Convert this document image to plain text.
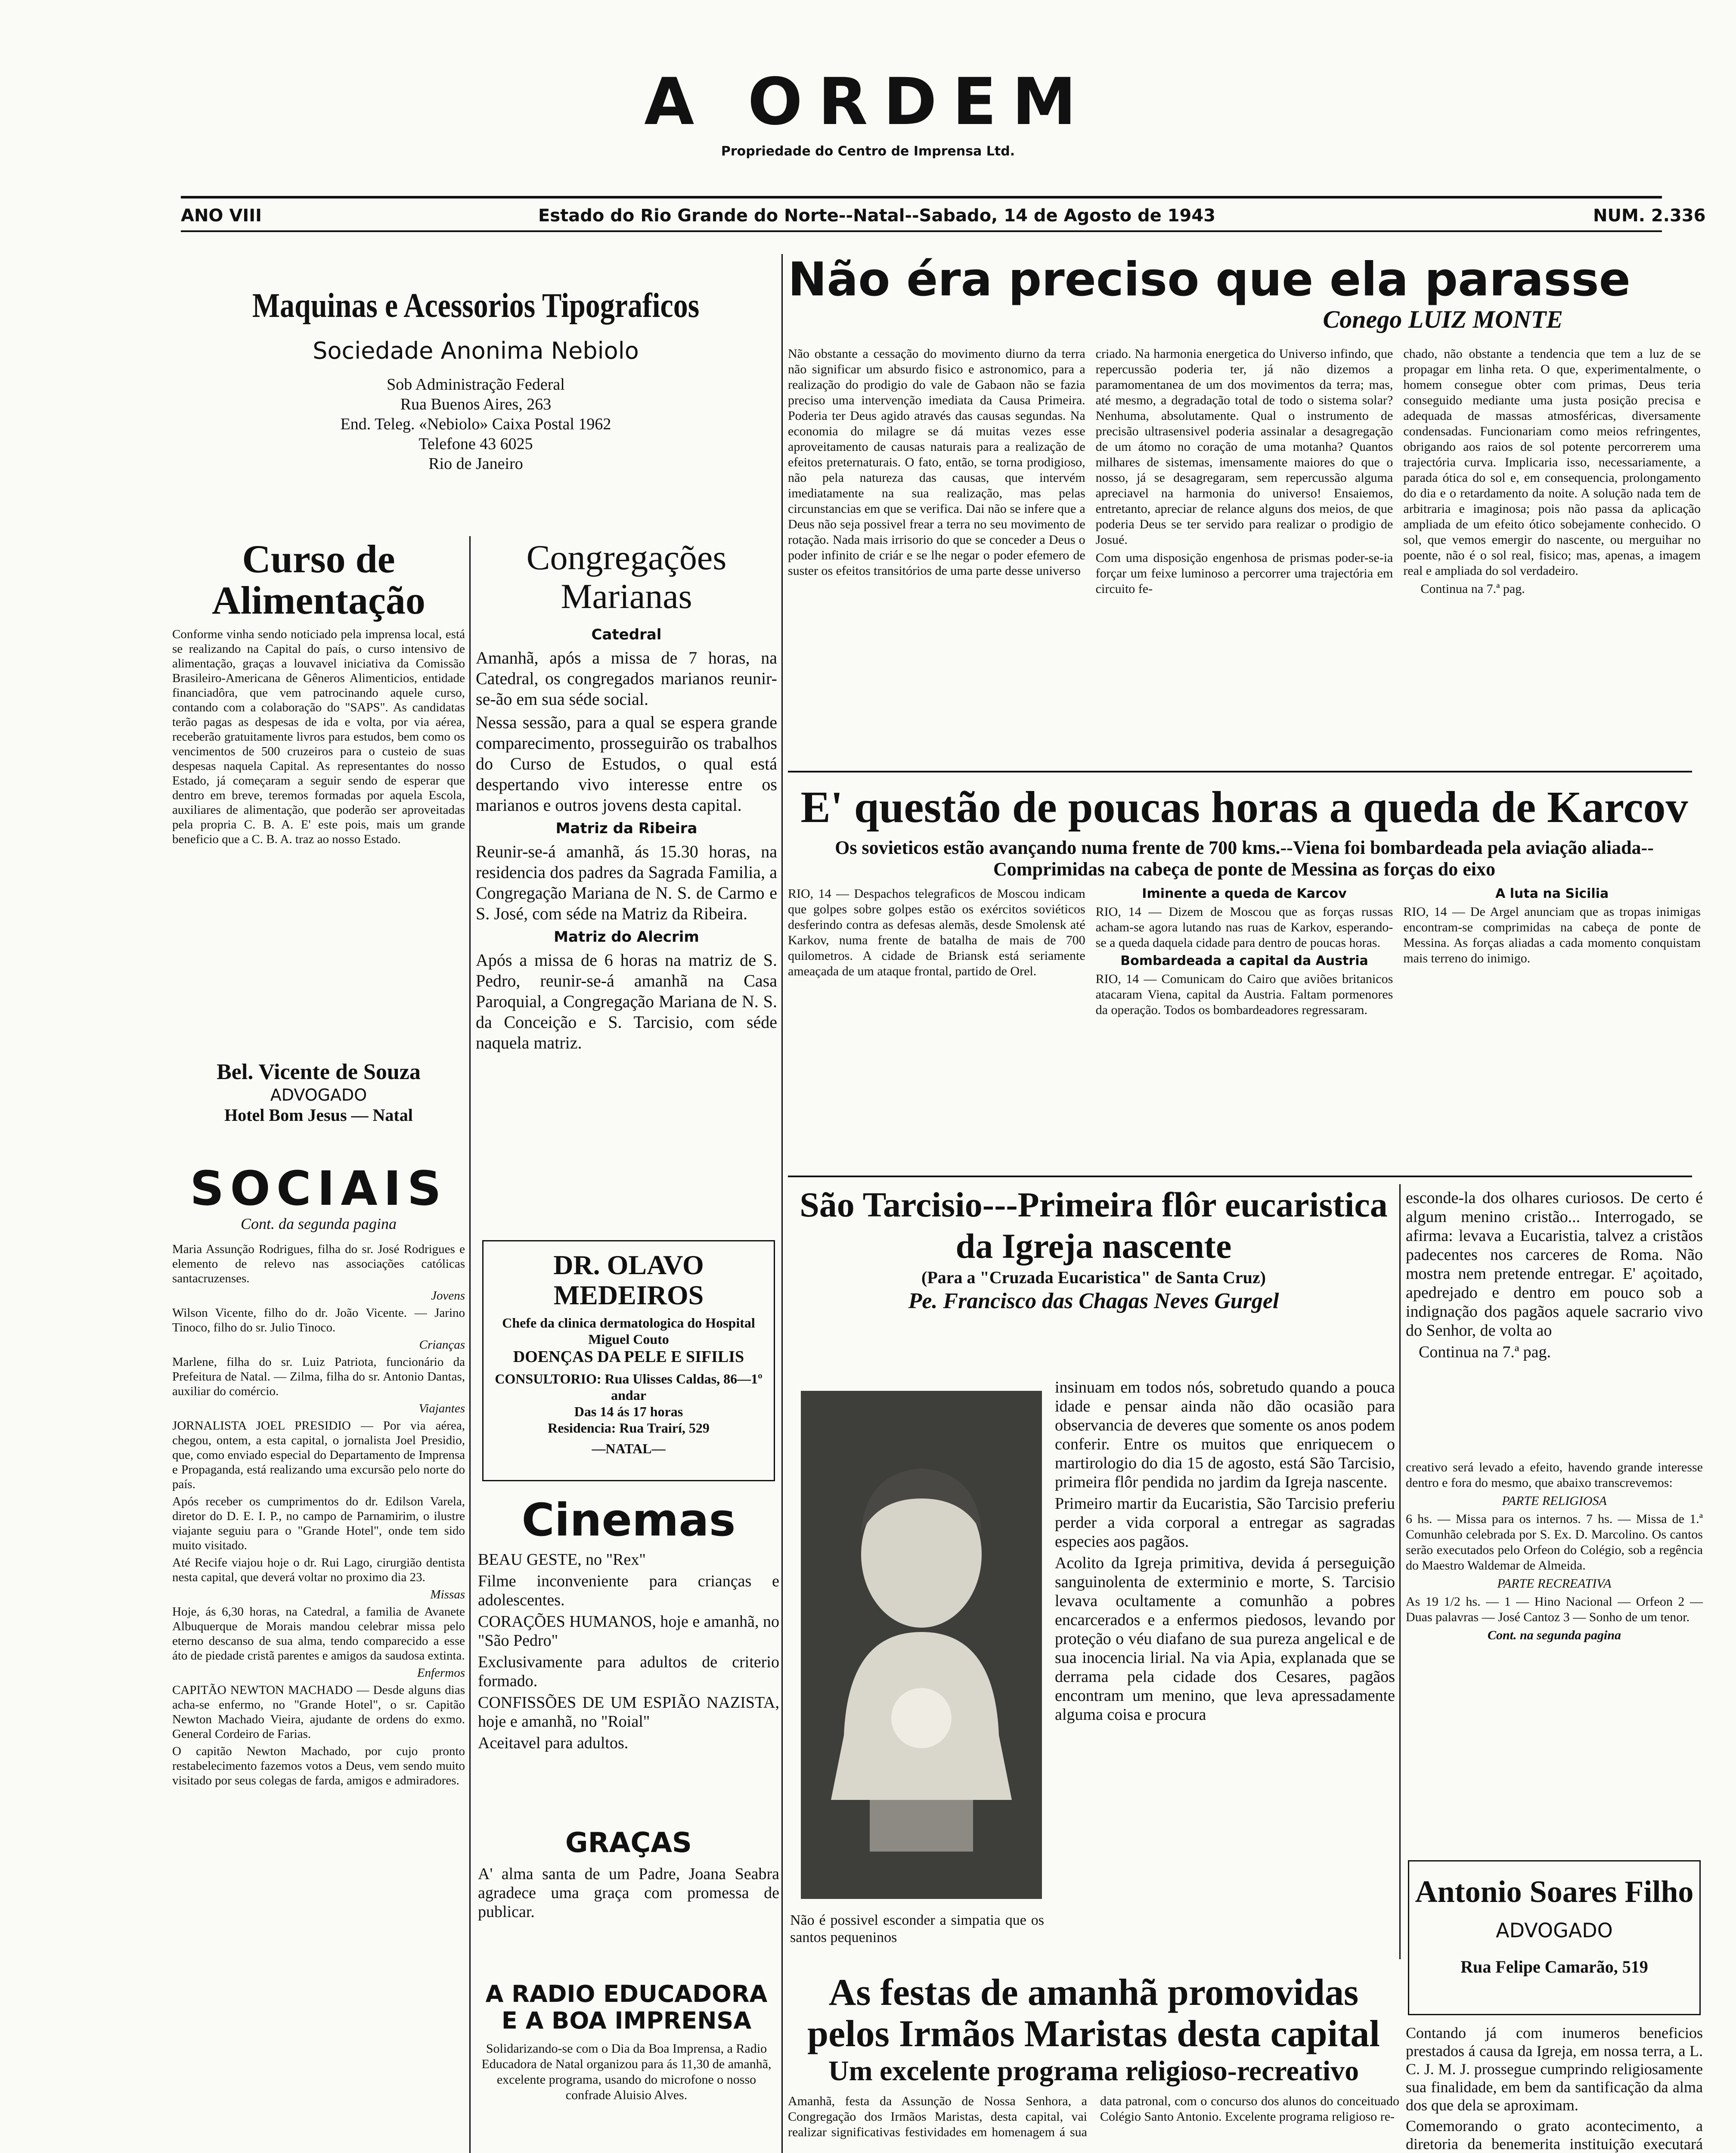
A ORDEM
Propriedade do Centro de Imprensa Ltd.
ANO VIII	Estado do Rio Grande do Norte--Natal--Sabado, 14 de Agosto de 1943	NUM. 2.336
Maquinas e Acessorios Tipograficos
Sociedade Anonima Nebiolo
Sob Administração Federal
Rua Buenos Aires, 263
End. Teleg. «Nebiolo» Caixa Postal 1962
Telefone 43 6025
Rio de Janeiro
Curso de Alimentação
Conforme vinha sendo noticiado pela imprensa local, está se realizando na Capital do país, o curso intensivo de alimentação, graças a louvavel iniciativa da Comissão Brasileiro-Americana de Gêneros Alimenticios, entidade financiadôra, que vem patrocinando aquele curso, contando com a colaboração do "SAPS". As candidatas terão pagas as despesas de ida e volta, por via aérea, receberão gratuitamente livros para estudos, bem como os vencimentos de 500 cruzeiros para o custeio de suas despesas naquela Capital. As representantes do nosso Estado, já começaram a seguir sendo de esperar que dentro em breve, teremos formadas por aquela Escola, auxiliares de alimentação, que poderão ser aproveitadas pela propria C. B. A. E' este pois, mais um grande beneficio que a C. B. A. traz ao nosso Estado.
Bel. Vicente de Souza
ADVOGADO
Hotel Bom Jesus — Natal
SOCIAIS
Cont. da segunda pagina

Maria Assunção Rodrigues, filha do sr. José Rodrigues e elemento de relevo nas associações católicas santacruzenses.

Jovens

Wilson Vicente, filho do dr. João Vicente. — Jarino Tinoco, filho do sr. Julio Tinoco.

Crianças

Marlene, filha do sr. Luiz Patriota, funcionário da Prefeitura de Natal. — Zilma, filha do sr. Antonio Dantas, auxiliar do comércio.

Viajantes

JORNALISTA JOEL PRESIDIO — Por via aérea, chegou, ontem, a esta capital, o jornalista Joel Presidio, que, como enviado especial do Departamento de Imprensa e Propaganda, está realizando uma excursão pelo norte do país.

Após receber os cumprimentos do dr. Edilson Varela, diretor do D. E. I. P., no campo de Parnamirim, o ilustre viajante seguiu para o "Grande Hotel", onde tem sido muito visitado.

Até Recife viajou hoje o dr. Rui Lago, cirurgião dentista nesta capital, que deverá voltar no proximo dia 23.

Missas

Hoje, ás 6,30 horas, na Catedral, a familia de Avanete Albuquerque de Morais mandou celebrar missa pelo eterno descanso de sua alma, tendo comparecido a esse áto de piedade cristã parentes e amigos da saudosa extinta.

Enfermos

CAPITÃO NEWTON MACHADO — Desde alguns dias acha-se enfermo, no "Grande Hotel", o sr. Capitão Newton Machado Vieira, ajudante de ordens do exmo. General Cordeiro de Farias.

O capitão Newton Machado, por cujo pronto restabelecimento fazemos votos a Deus, vem sendo muito visitado por seus colegas de farda, amigos e admiradores.

Congregações Marianas

Catedral

Amanhã, após a missa de 7 horas, na Catedral, os congregados marianos reunir-se-ão em sua séde social.

Nessa sessão, para a qual se espera grande comparecimento, prosseguirão os trabalhos do Curso de Estudos, o qual está despertando vivo interesse entre os marianos e outros jovens desta capital.

Matriz da Ribeira

Reunir-se-á amanhã, ás 15.30 horas, na residencia dos padres da Sagrada Familia, a Congregação Mariana de N. S. de Carmo e S. José, com séde na Matriz da Ribeira.

Matriz do Alecrim

Após a missa de 6 horas na matriz de S. Pedro, reunir-se-á amanhã na Casa Paroquial, a Congregação Mariana de N. S. da Conceição e S. Tarcisio, com séde naquela matriz.

DR. OLAVO MEDEIROS
Chefe da clinica dermatologica do Hospital Miguel Couto
DOENÇAS DA PELE E SIFILIS
CONSULTORIO: Rua Ulisses Caldas, 86—1º andar
Das 14 ás 17 horas
Residencia: Rua Trairí, 529
—NATAL—
Cinemas

BEAU GESTE, no "Rex"

Filme inconveniente para crianças e adolescentes.

CORAÇÕES HUMANOS, hoje e amanhã, no "São Pedro"

Exclusivamente para adultos de criterio formado.

CONFISSÕES DE UM ESPIÃO NAZISTA, hoje e amanhã, no "Roial"

Aceitavel para adultos.

GRAÇAS
A' alma santa de um Padre, Joana Seabra agradece uma graça com promessa de publicar.
A RADIO EDUCADORA E A BOA IMPRENSA
Solidarizando-se com o Dia da Boa Imprensa, a Radio Educadora de Natal organizou para ás 11,30 de amanhã, excelente programa, usando do microfone o nosso confrade Aluisio Alves.
Não éra preciso que ela parasse
Conego LUIZ MONTE
Não obstante a cessação do movimento diurno da terra não significar um absurdo fisico e astronomico, para a realização do prodigio do vale de Gabaon não se fazia preciso uma intervenção imediata da Causa Primeira. Poderia ter Deus agido através das causas segundas. Na economia do milagre se dá muitas vezes esse aproveitamento de causas naturais para a realização de efeitos preternaturais. O fato, então, se torna prodigioso, não pela natureza das causas, que intervém imediatamente na sua realização, mas pelas circunstancias em que se verifica. Dai não se infere que a Deus não seja possivel frear a terra no seu movimento de rotação. Nada mais irrisorio do que se conceder a Deus o poder infinito de criár e se lhe negar o poder efemero de suster os efeitos transitórios de uma parte desse universo

criado. Na harmonia energetica do Universo infindo, que repercussão poderia ter, já não dizemos a paramomentanea de um dos movimentos da terra; mas, até mesmo, a degradação total de todo o sistema solar? Nenhuma, absolutamente. Qual o instrumento de precisão ultrasensivel poderia assinalar a desagregação de um átomo no coração de uma motanha? Quantos milhares de sistemas, imensamente maiores do que o nosso, já se desagregaram, sem repercussão alguma apreciavel na harmonia do universo! Ensaiemos, entretanto, apreciar de relance alguns dos meios, de que poderia Deus se ter servido para realizar o prodigio de Josué.

Com uma disposição engenhosa de prismas poder-se-ia forçar um feixe luminoso a percorrer uma trajectória em circuito fe-

chado, não obstante a tendencia que tem a luz de se propagar em linha reta. O que, experimentalmente, o homem consegue obter com primas, Deus teria conseguido mediante uma justa posição precisa e adequada de massas atmosféricas, diversamente condensadas. Funcionariam como meios refringentes, obrigando aos raios de sol potente percorrerem uma trajectória curva. Implicaria isso, necessariamente, a parada ótica do sol e, em consequencia, prolongamento do dia e o retardamento da noite. A solução nada tem de arbitraria e imaginosa; pois não passa da aplicação ampliada de um efeito ótico sobejamente conhecido. O sol, que vemos emergir do nascente, ou merguihar no poente, não é o sol real, fisico; mas, apenas, a imagem real e ampliada do sol verdadeiro.

Continua na 7.ª pag.

E' questão de poucas horas a queda de Karcov
Os sovieticos estão avançando numa frente de 700 kms.--Viena foi bombardeada pela aviação aliada--Comprimidas na cabeça de ponte de Messina as forças do eixo
RIO, 14 — Despachos telegraficos de Moscou indicam que golpes sobre golpes estão os exércitos soviéticos desferindo contra as defesas alemãs, desde Smolensk até Karkov, numa frente de batalha de mais de 700 quilometros. A cidade de Briansk está seriamente ameaçada de um ataque frontal, partido de Orel.

Iminente a queda de Karcov

RIO, 14 — Dizem de Moscou que as forças russas acham-se agora lutando nas ruas de Karkov, esperando-se a queda daquela cidade para dentro de poucas horas.

Bombardeada a capital da Austria

RIO, 14 — Comunicam do Cairo que aviões britanicos atacaram Viena, capital da Austria. Faltam pormenores da operação. Todos os bombardeadores regressaram.

A luta na Sicilia

RIO, 14 — De Argel anunciam que as tropas inimigas encontram-se comprimidas na cabeça de ponte de Messina. As forças aliadas a cada momento conquistam mais terreno do inimigo.

São Tarcisio---Primeira flôr eucaristica da Igreja nascente
(Para a "Cruzada Eucaristica" de Santa Cruz)
Pe. Francisco das Chagas Neves Gurgel
Não é possivel esconder a simpatia que os santos pequeninos

insinuam em todos nós, sobretudo quando a pouca idade e pensar ainda não dão ocasião para observancia de deveres que somente os anos podem conferir. Entre os muitos que enriquecem o martirologio do dia 15 de agosto, está São Tarcisio, primeira flôr pendida no jardim da Igreja nascente.

Primeiro martir da Eucaristia, São Tarcisio preferiu perder a vida corporal a entregar as sagradas especies aos pagãos.

Acolito da Igreja primitiva, devida á perseguição sanguinolenta de exterminio e morte, S. Tarcisio levava ocultamente a comunhão a pobres encarcerados e a enfermos piedosos, levando por proteção o véu diafano de sua pureza angelical e de sua inocencia lirial. Na via Apia, explanada que se derrama pela cidade dos Cesares, pagãos encontram um menino, que leva apressadamente alguma coisa e procura

esconde-la dos olhares curiosos. De certo é algum menino cristão... Interrogado, se afirma: levava a Eucaristia, talvez a cristãos padecentes nos carceres de Roma. Não mostra nem pretende entregar. E' açoitado, apedrejado e dentro em pouco sob a indignação dos pagãos aquele sacrario vivo do Senhor, de volta ao

Continua na 7.ª pag.

As festas de amanhã promovidas pelos Irmãos Maristas desta capital
Um excelente programa religioso-recreativo
Amanhã, festa da Assunção de Nossa Senhora, a Congregação dos Irmãos Maristas, desta capital, vai realizar significativas festividades em homenagem á sua data patronal, com o concurso dos alunos do conceituado Colégio Santo Antonio. Excelente programa religioso re-

creativo será levado a efeito, havendo grande interesse dentro e fora do mesmo, que abaixo transcrevemos:

PARTE RELIGIOSA

6 hs. — Missa para os internos. 7 hs. — Missa de 1.ª Comunhão celebrada por S. Ex. D. Marcolino. Os cantos serão executados pelo Orfeon do Colégio, sob a regência do Maestro Waldemar de Almeida.

PARTE RECREATIVA

As 19 1/2 hs. — 1 — Hino Nacional — Orfeon 2 — Duas palavras — José Cantoz 3 — Sonho de um tenor.

Cont. na segunda pagina

Antonio Soares Filho
ADVOGADO
Rua Felipe Camarão, 519

Contando já com inumeros beneficios prestados á causa da Igreja, em nossa terra, a L. C. J. M. J. prossegue cumprindo religiosamente sua finalidade, em bem da santificação da alma dos que dela se aproximam.

Comemorando o grato acontecimento, a diretoria da benemerita instituição executará
